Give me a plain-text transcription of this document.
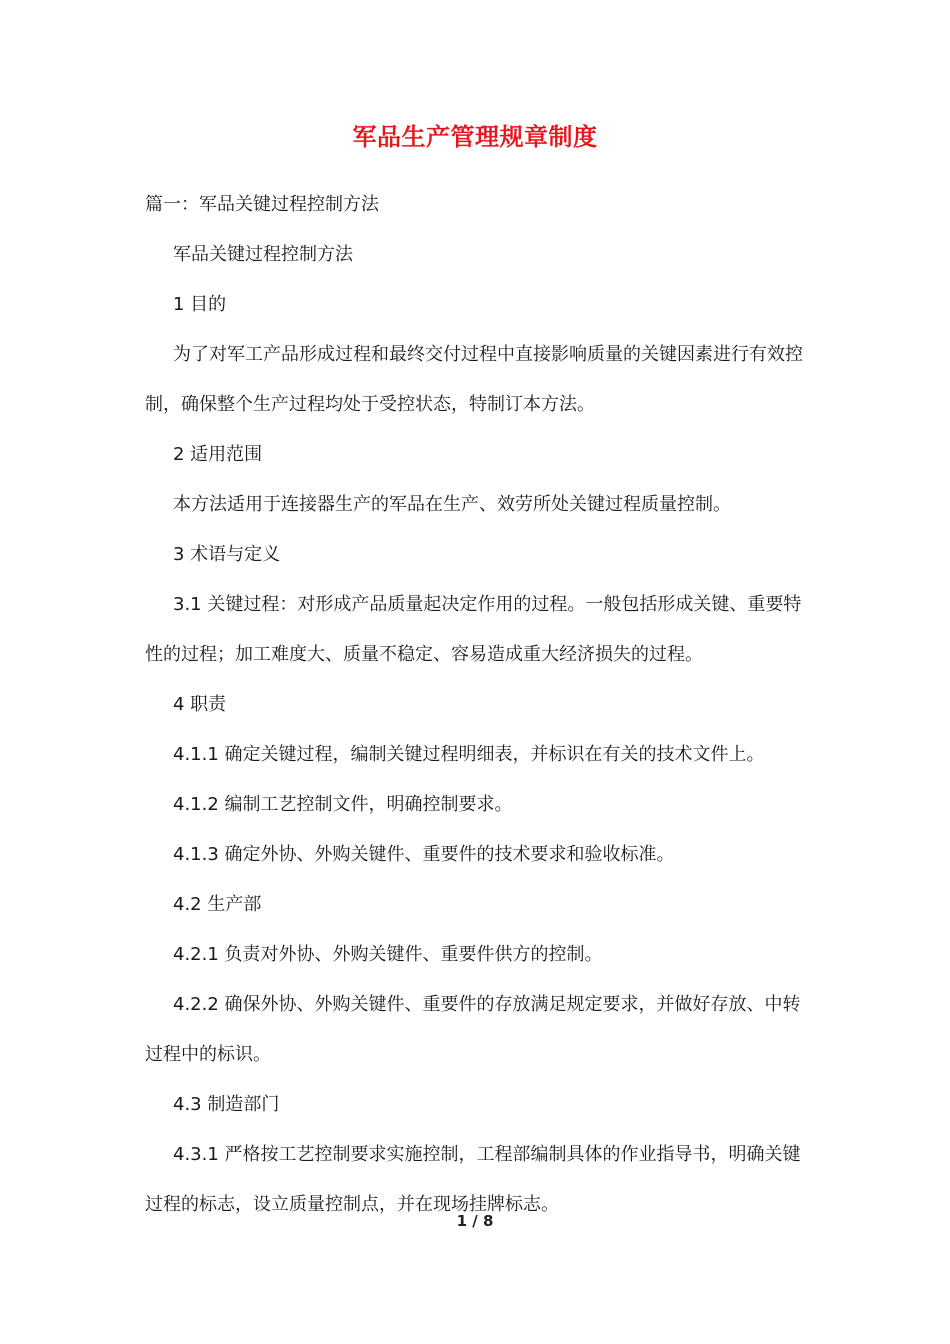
军品生产管理规章制度

篇一：军品关键过程控制方法

军品关键过程控制方法

1 目的

为了对军工产品形成过程和最终交付过程中直接影响质量的关键因素进行有效控制，确保整个生产过程均处于受控状态，特制订本方法。

2 适用范围

本方法适用于连接器生产的军品在生产、效劳所处关键过程质量控制。

3 术语与定义

3.1 关键过程：对形成产品质量起决定作用的过程。一般包括形成关键、重要特性的过程；加工难度大、质量不稳定、容易造成重大经济损失的过程。

4 职责

4.1.1 确定关键过程，编制关键过程明细表，并标识在有关的技术文件上。

4.1.2 编制工艺控制文件，明确控制要求。

4.1.3 确定外协、外购关键件、重要件的技术要求和验收标准。

4.2 生产部

4.2.1 负责对外协、外购关键件、重要件供方的控制。

4.2.2 确保外协、外购关键件、重要件的存放满足规定要求，并做好存放、中转过程中的标识。

4.3 制造部门

4.3.1 严格按工艺控制要求实施控制，工程部编制具体的作业指导书，明确关键过程的标志，设立质量控制点，并在现场挂牌标志。

1 / 8
